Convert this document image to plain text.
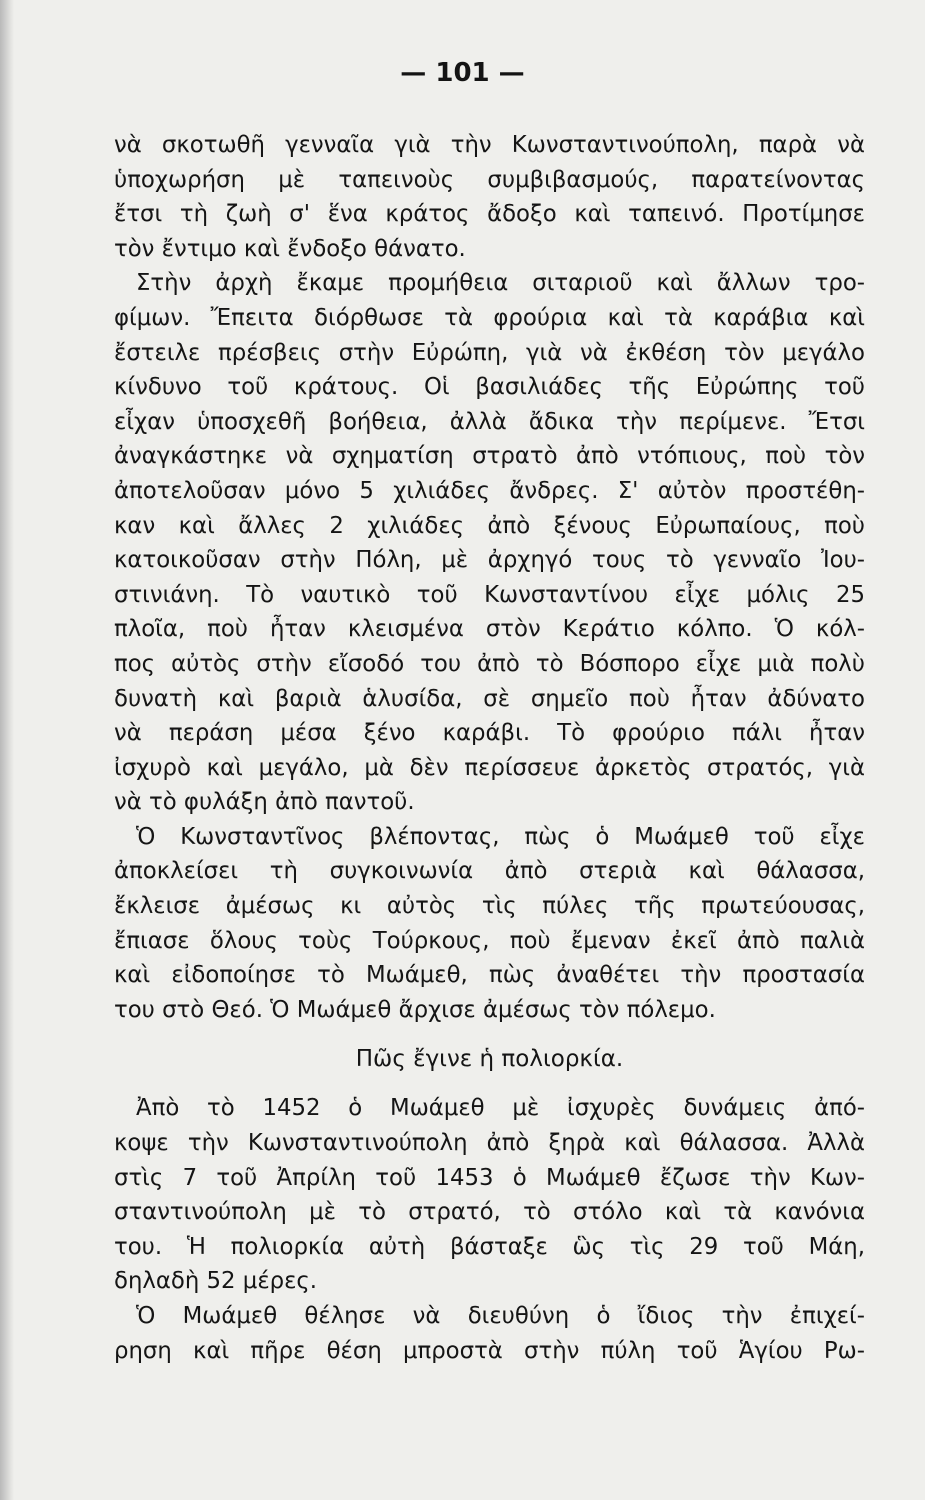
— 101 —
νὰ σκοτωθῆ γενναῖα γιὰ τὴν Κωνσταντινούπολη, παρὰ νὰ
ὑποχωρήση μὲ ταπεινοὺς συμβιβασμούς, παρατείνοντας
ἔτσι τὴ ζωὴ σ' ἕνα κράτος ἄδοξο καὶ ταπεινό. Προτίμησε
τὸν ἔντιμο καὶ ἔνδοξο θάνατο.
Στὴν ἀρχὴ ἔκαμε προμήθεια σιταριοῦ καὶ ἄλλων τρο-
φίμων. Ἔπειτα διόρθωσε τὰ φρούρια καὶ τὰ καράβια καὶ
ἔστειλε πρέσβεις στὴν Εὐρώπη, γιὰ νὰ ἐκθέση τὸν μεγάλο
κίνδυνο τοῦ κράτους. Οἱ βασιλιάδες τῆς Εὐρώπης τοῦ
εἶχαν ὑποσχεθῆ βοήθεια, ἀλλὰ ἄδικα τὴν περίμενε. Ἔτσι
ἀναγκάστηκε νὰ σχηματίση στρατὸ ἀπὸ ντόπιους, ποὺ τὸν
ἀποτελοῦσαν μόνο 5 χιλιάδες ἄνδρες. Σ' αὐτὸν προστέθη-
καν καὶ ἄλλες 2 χιλιάδες ἀπὸ ξένους Εὐρωπαίους, ποὺ
κατοικοῦσαν στὴν Πόλη, μὲ ἀρχηγό τους τὸ γενναῖο Ἰου-
στινιάνη. Τὸ ναυτικὸ τοῦ Κωνσταντίνου εἶχε μόλις 25
πλοῖα, ποὺ ἦταν κλεισμένα στὸν Κεράτιο κόλπο. Ὁ κόλ-
πος αὐτὸς στὴν εἴσοδό του ἀπὸ τὸ Βόσπορο εἶχε μιὰ πολὺ
δυνατὴ καὶ βαριὰ ἁλυσίδα, σὲ σημεῖο ποὺ ἦταν ἀδύνατο
νὰ περάση μέσα ξένο καράβι. Τὸ φρούριο πάλι ἦταν
ἰσχυρὸ καὶ μεγάλο, μὰ δὲν περίσσευε ἀρκετὸς στρατός, γιὰ
νὰ τὸ φυλάξη ἀπὸ παντοῦ.
Ὁ Κωνσταντῖνος βλέποντας, πὼς ὁ Μωάμεθ τοῦ εἶχε
ἀποκλείσει τὴ συγκοινωνία ἀπὸ στεριὰ καὶ θάλασσα,
ἔκλεισε ἀμέσως κι αὐτὸς τὶς πύλες τῆς πρωτεύουσας,
ἔπιασε ὅλους τοὺς Τούρκους, ποὺ ἔμεναν ἐκεῖ ἀπὸ παλιὰ
καὶ εἰδοποίησε τὸ Μωάμεθ, πὼς ἀναθέτει τὴν προστασία
του στὸ Θεό. Ὁ Μωάμεθ ἄρχισε ἀμέσως τὸν πόλεμο.
Πῶς ἔγινε ἡ πολιορκία.
Ἀπὸ τὸ 1452 ὁ Μωάμεθ μὲ ἰσχυρὲς δυνάμεις ἀπό-
κοψε τὴν Κωνσταντινούπολη ἀπὸ ξηρὰ καὶ θάλασσα. Ἀλλὰ
στὶς 7 τοῦ Ἀπρίλη τοῦ 1453 ὁ Μωάμεθ ἔζωσε τὴν Κων-
σταντινούπολη μὲ τὸ στρατό, τὸ στόλο καὶ τὰ κανόνια
του. Ἡ πολιορκία αὐτὴ βάσταξε ὣς τὶς 29 τοῦ Μάη,
δηλαδὴ 52 μέρες.
Ὁ Μωάμεθ θέλησε νὰ διευθύνη ὁ ἴδιος τὴν ἐπιχεί-
ρηση καὶ πῆρε θέση μπροστὰ στὴν πύλη τοῦ Ἁγίου Ρω-
